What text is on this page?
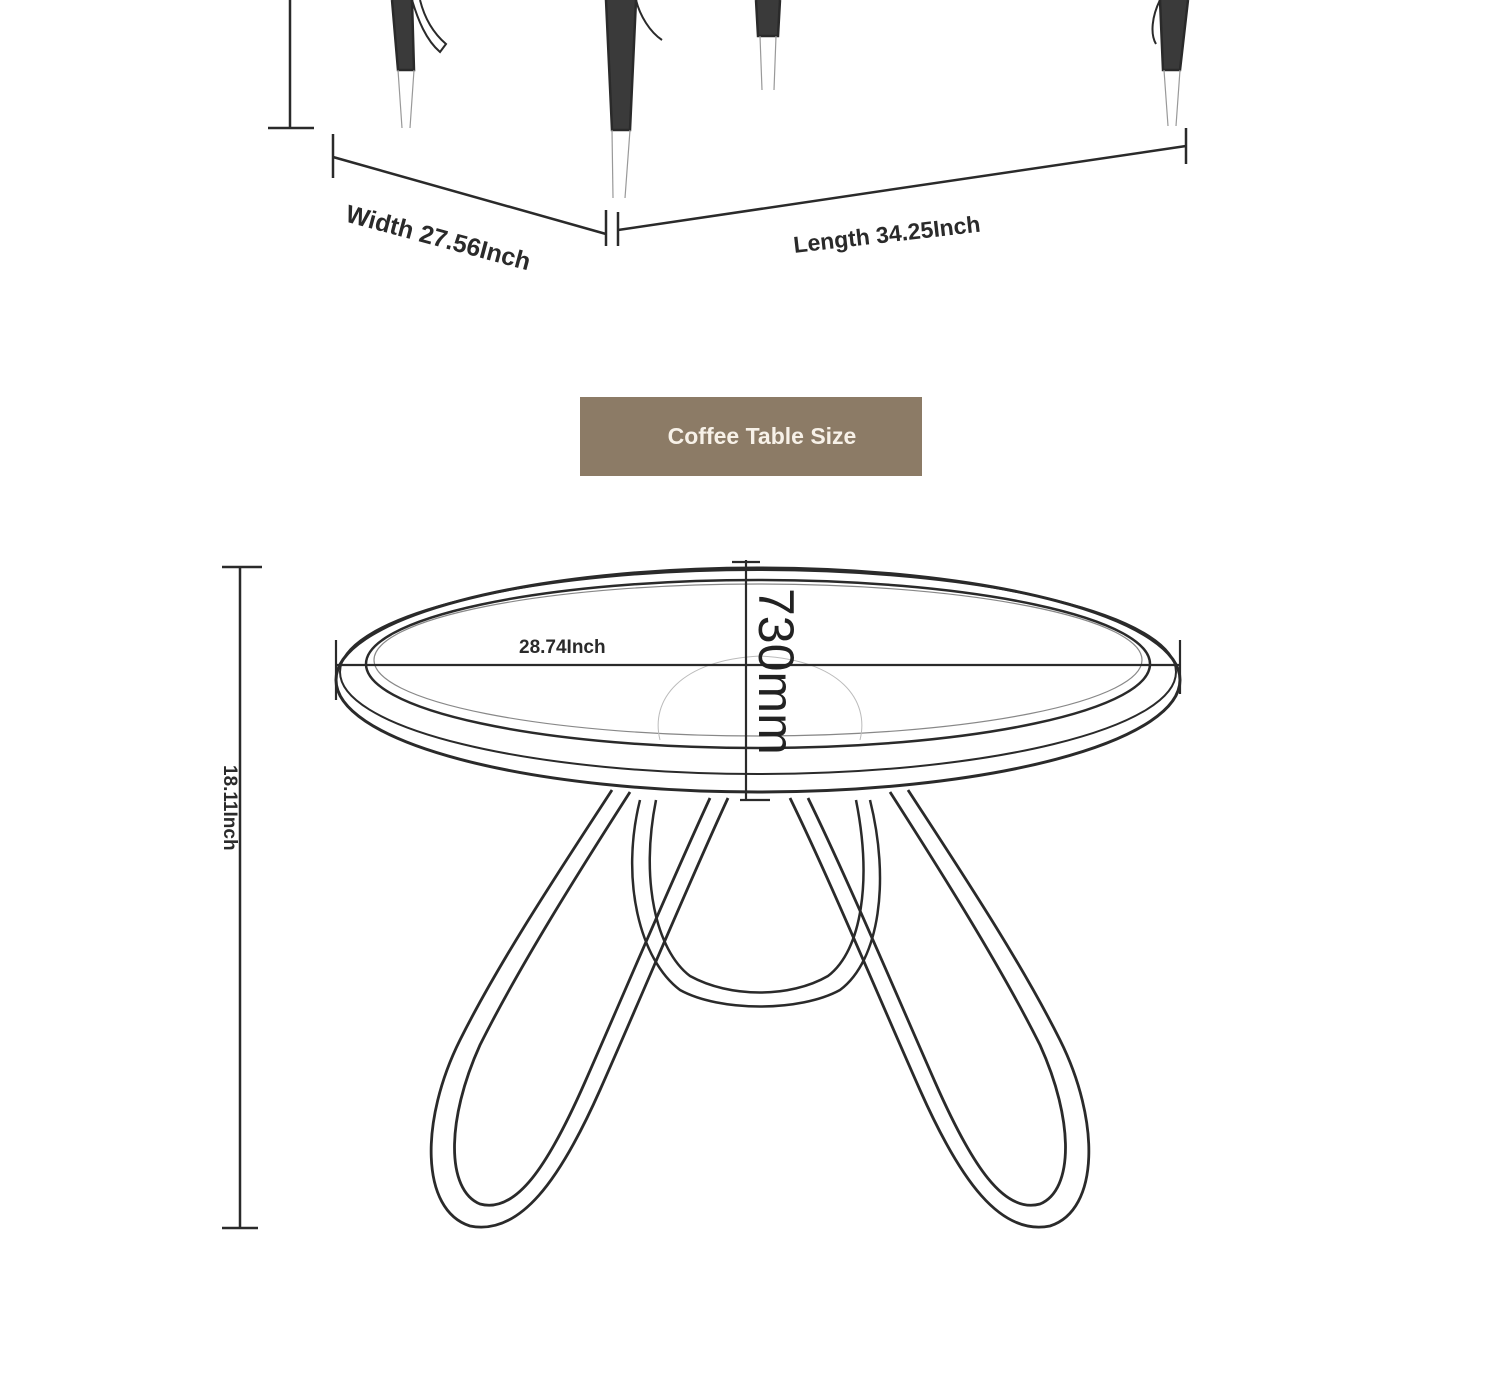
Width 27.56Inch	Length 34.25Inch
Coffee Table Size
28.74Inch	730mm
18.11Inch
